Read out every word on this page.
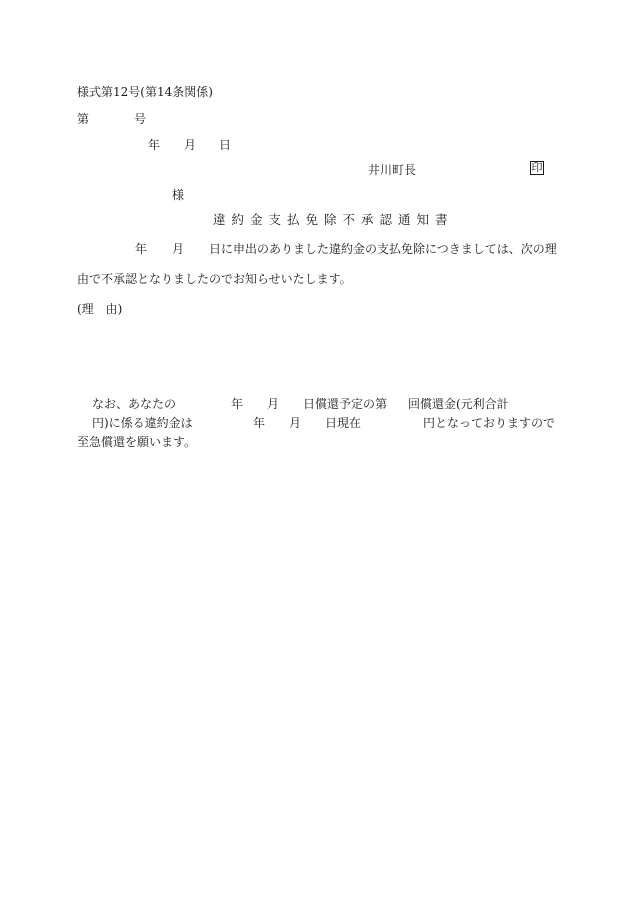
様式第12号(第14条関係)
第	号
年 月 日
井川町長	印
様
違約金支払免除不承認通知書
年 月 日に申出のありました違約金の支払免除につきましては、次の理
由で不承認となりましたのでお知らせいたします。
(理　由)
なお、あなたの	年 月 日償還予定の第 回償還金(元利合計
円)に係る違約金は	年 月 日現在	円となっておりますので
至急償還を願います。
